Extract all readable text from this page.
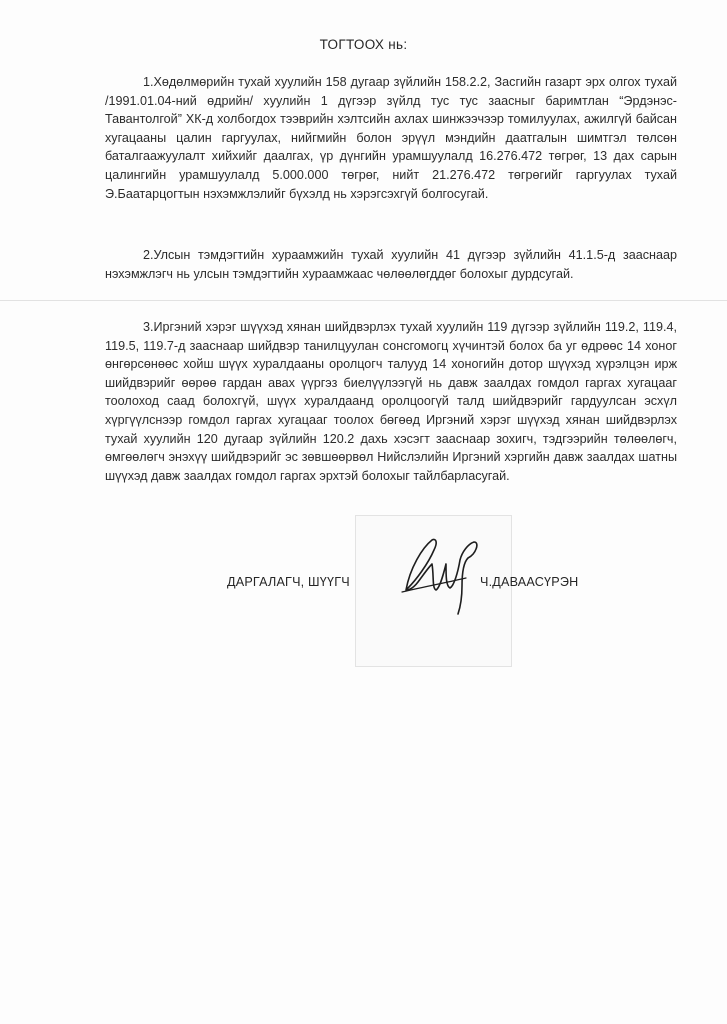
ТОГТООХ нь:

1.Хөдөлмөрийн тухай хуулийн 158 дугаар зүйлийн 158.2.2, Засгийн газарт эрх олгох тухай /1991.01.04-ний өдрийн/ хуулийн 1 дүгээр зүйлд тус тус заасныг баримтлан “Эрдэнэс-Тавантолгой” ХК-д холбогдох тээврийн хэлтсийн ахлах шинжээчээр томилуулах, ажилгүй байсан хугацааны цалин гаргуулах, нийгмийн болон эрүүл мэндийн даатгалын шимтгэл төлсөн баталгаажуулалт хийхийг даалгах, үр дүнгийн урамшуулалд 16.276.472 төгрөг, 13 дах сарын цалингийн урамшуулалд 5.000.000 төгрөг, нийт 21.276.472 төгрөгийг гаргуулах тухай Э.Баатарцогтын нэхэмжлэлийг бүхэлд нь хэрэгсэхгүй болгосугай.

2.Улсын тэмдэгтийн хураамжийн тухай хуулийн 41 дүгээр зүйлийн 41.1.5-д зааснаар нэхэмжлэгч нь улсын тэмдэгтийн хураамжаас чөлөөлөгддөг болохыг дурдсугай.

3.Иргэний хэрэг шүүхэд хянан шийдвэрлэх тухай хуулийн 119 дүгээр зүйлийн 119.2, 119.4, 119.5, 119.7-д зааснаар шийдвэр танилцуулан сонсгомогц хүчинтэй болох ба уг өдрөөс 14 хоног өнгөрсөнөөс хойш шүүх хуралдааны оролцогч талууд 14 хоногийн дотор шүүхэд хүрэлцэн ирж шийдвэрийг өөрөө гардан авах үүргэз биелүүлээгүй нь давж заалдах гомдол гаргах хугацааг тоолоход саад болохгүй, шүүх хуралдаанд оролцоогүй талд шийдвэрийг гардуулсан эсхүл хүргүүлснээр гомдол гаргах хугацааг тоолох бөгөөд Иргэний хэрэг шүүхэд хянан шийдвэрлэх тухай хуулийн 120 дугаар зүйлийн 120.2 дахь хэсэгт зааснаар зохигч, тэдгээрийн төлөөлөгч, өмгөөлөгч энэхүү шийдвэрийг эс зөвшөөрвөл Нийслэлийн Иргэний хэргийн давж заалдах шатны шүүхэд давж заалдах гомдол гаргах эрхтэй болохыг тайлбарласугай.

ДАРГАЛАГЧ, ШҮҮГЧ	Ч.ДАВААСҮРЭН
